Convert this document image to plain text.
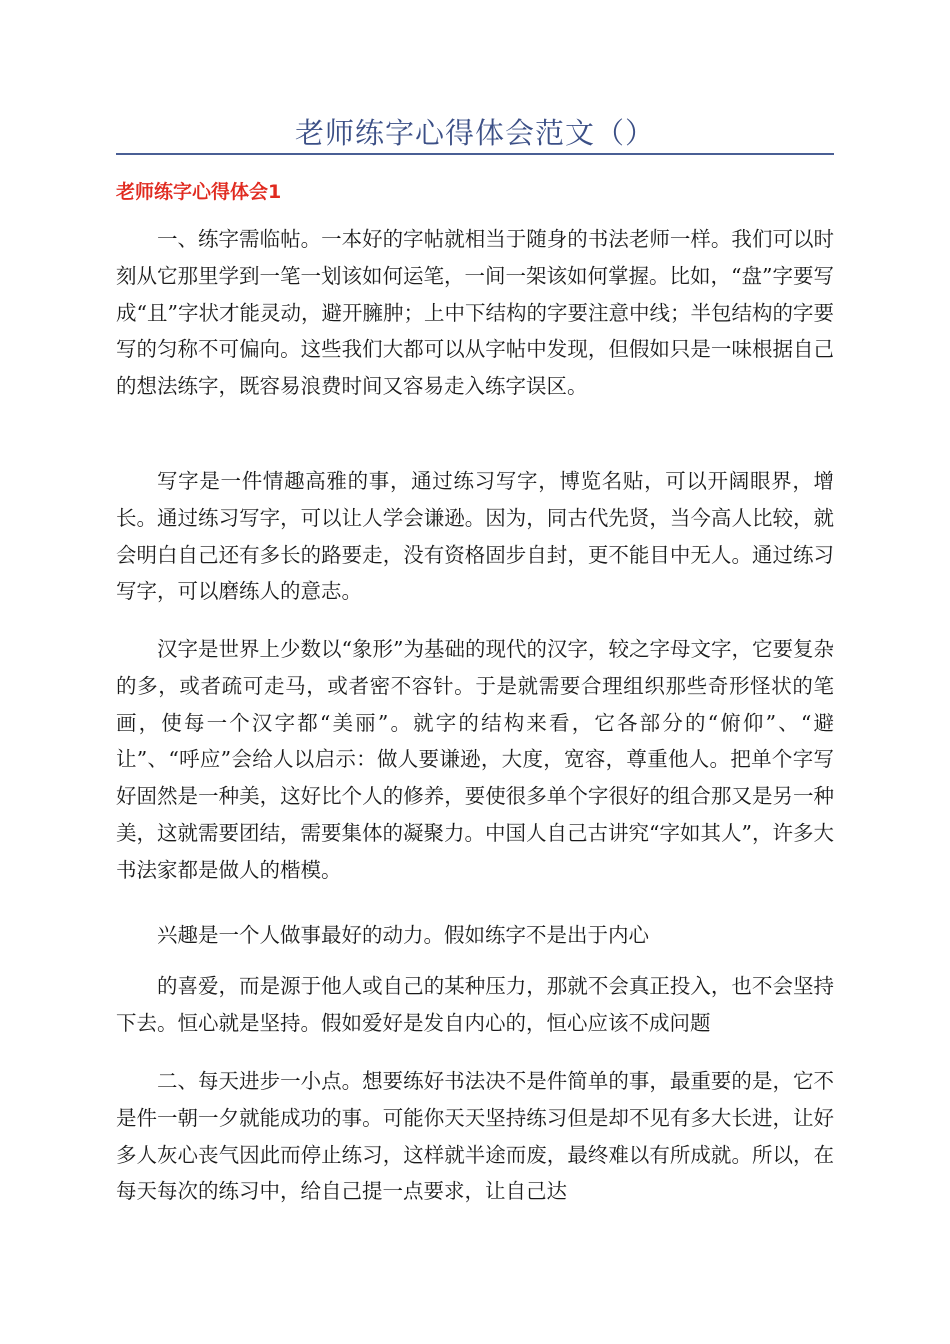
老师练字心得体会范文（）
老师练字心得体会1

一、练字需临帖。一本好的字帖就相当于随身的书法老师一样。我们可以时刻从它那里学到一笔一划该如何运笔，一间一架该如何掌握。比如，“盘”字要写成“且”字状才能灵动，避开臃肿；上中下结构的字要注意中线；半包结构的字要写的匀称不可偏向。这些我们大都可以从字帖中发现，但假如只是一味根据自己的想法练字，既容易浪费时间又容易走入练字误区。

写字是一件情趣高雅的事，通过练习写字，博览名贴，可以开阔眼界，增长。通过练习写字，可以让人学会谦逊。因为，同古代先贤，当今高人比较，就会明白自己还有多长的路要走，没有资格固步自封，更不能目中无人。通过练习写字，可以磨练人的意志。

汉字是世界上少数以“象形”为基础的现代的汉字，较之字母文字，它要复杂的多，或者疏可走马，或者密不容针。于是就需要合理组织那些奇形怪状的笔画，使每一个汉字都“美丽”。就字的结构来看，它各部分的“俯仰”、“避让”、“呼应”会给人以启示：做人要谦逊，大度，宽容，尊重他人。把单个字写好固然是一种美，这好比个人的修养，要使很多单个字很好的组合那又是另一种美，这就需要团结，需要集体的凝聚力。中国人自己古讲究“字如其人”，许多大书法家都是做人的楷模。

兴趣是一个人做事最好的动力。假如练字不是出于内心

的喜爱，而是源于他人或自己的某种压力，那就不会真正投入，也不会坚持下去。恒心就是坚持。假如爱好是发自内心的，恒心应该不成问题

二、每天进步一小点。想要练好书法决不是件简单的事，最重要的是，它不是件一朝一夕就能成功的事。可能你天天坚持练习但是却不见有多大长进，让好多人灰心丧气因此而停止练习，这样就半途而废，最终难以有所成就。所以，在每天每次的练习中，给自己提一点要求，让自己达
